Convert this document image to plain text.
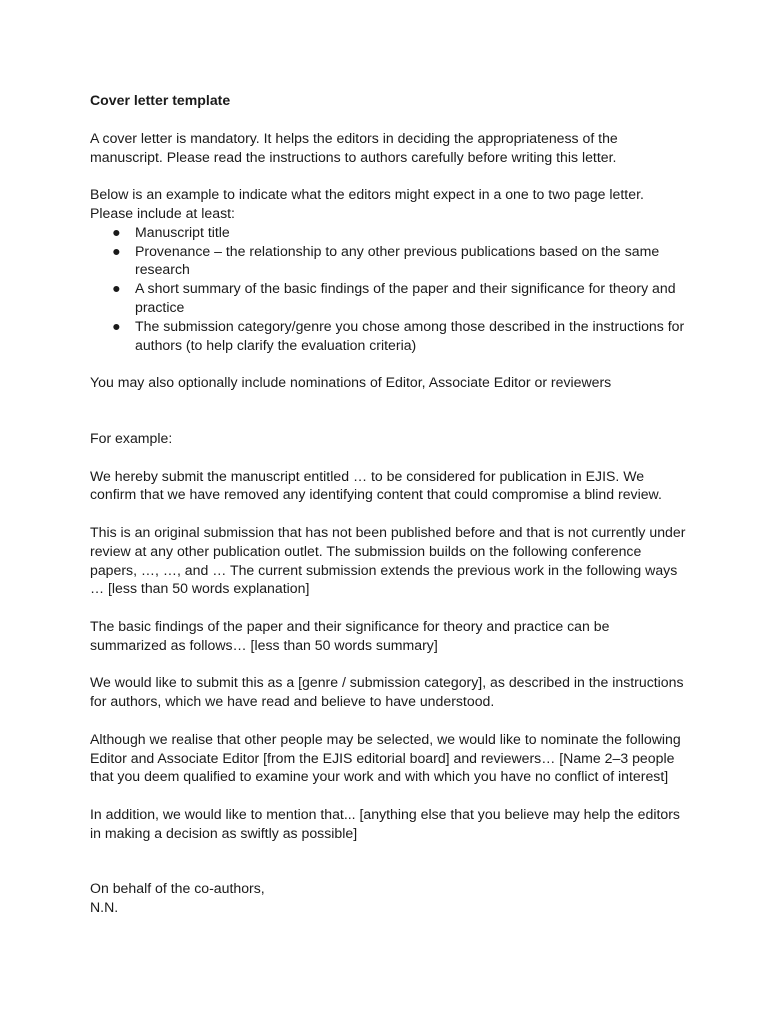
Cover letter template

A cover letter is mandatory. It helps the editors in deciding the appropriateness of the manuscript. Please read the instructions to authors carefully before writing this letter.

Below is an example to indicate what the editors might expect in a one to two page letter.

Please include at least:

● Manuscript title
● Provenance – the relationship to any other previous publications based on the same research
● A short summary of the basic findings of the paper and their significance for theory and practice
● The submission category/genre you chose among those described in the instructions for authors (to help clarify the evaluation criteria)

You may also optionally include nominations of Editor, Associate Editor or reviewers

For example:

We hereby submit the manuscript entitled … to be considered for publication in EJIS. We confirm that we have removed any identifying content that could compromise a blind review.

This is an original submission that has not been published before and that is not currently under review at any other publication outlet. The submission builds on the following conference papers, …, …, and … The current submission extends the previous work in the following ways … [less than 50 words explanation]

The basic findings of the paper and their significance for theory and practice can be summarized as follows… [less than 50 words summary]

We would like to submit this as a [genre / submission category], as described in the instructions for authors, which we have read and believe to have understood.

Although we realise that other people may be selected, we would like to nominate the following Editor and Associate Editor [from the EJIS editorial board] and reviewers… [Name 2–3 people that you deem qualified to examine your work and with which you have no conflict of interest]

In addition, we would like to mention that... [anything else that you believe may help the editors in making a decision as swiftly as possible]

On behalf of the co-authors,

N.N.
